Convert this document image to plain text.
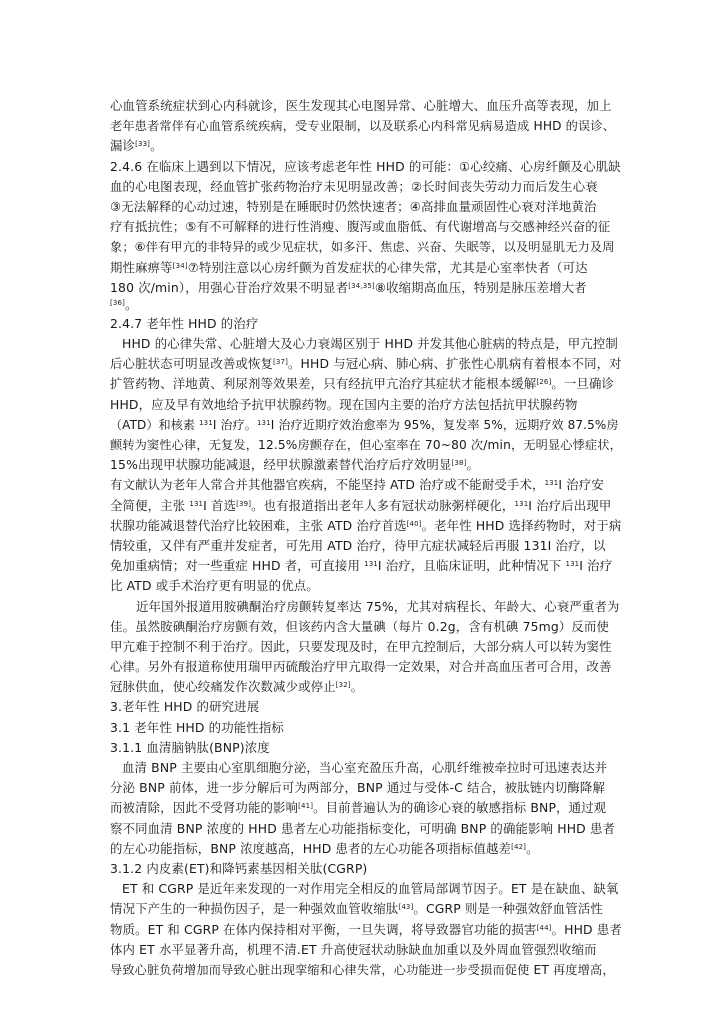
心血管系统症状到心内科就诊，医生发现其心电图异常、心脏增大、血压升高等表现，加上
老年患者常伴有心血管系统疾病，受专业限制，以及联系心内科常见病易造成 HHD 的误诊、
漏诊[33]。
2.4.6 在临床上遇到以下情况，应该考虑老年性 HHD 的可能：①心绞痛、心房纤颤及心肌缺
血的心电图表现，经血管扩张药物治疗未见明显改善；②长时间丧失劳动力而后发生心衰
③无法解释的心动过速，特别是在睡眠时仍然快速者；④高排血量顽固性心衰对洋地黄治
疗有抵抗性；⑤有不可解释的进行性消瘦、腹泻或血脂低、有代谢增高与交感神经兴奋的征
象；⑥伴有甲亢的非特异的或少见症状，如多汗、焦虑、兴奋、失眠等，以及明显肌无力及周
期性麻痹等[34]⑦特别注意以心房纤颤为首发症状的心律失常，尤其是心室率快者（可达
180 次/min），用强心苷治疗效果不明显者[34,35]⑧收缩期高血压，特别是脉压差增大者
[36]。
2.4.7 老年性 HHD 的治疗
HHD 的心律失常、心脏增大及心力衰竭区别于 HHD 并发其他心脏病的特点是，甲亢控制
后心脏状态可明显改善或恢复[37]。HHD 与冠心病、肺心病、扩张性心肌病有着根本不同，对
扩管药物、洋地黄、利尿剂等效果差，只有经抗甲亢治疗其症状才能根本缓解[26]。一旦确诊
HHD，应及早有效地给予抗甲状腺药物。现在国内主要的治疗方法包括抗甲状腺药物
（ATD）和核素 $^{131}$I 治疗。$^{131}$I 治疗近期疗效治愈率为 95%，复发率 5%，远期疗效 87.5%房
颤转为窦性心律，无复发，12.5%房颤存在，但心室率在 70~80 次/min，无明显心悸症状，
15%出现甲状腺功能减退，经甲状腺激素替代治疗后疗效明显[38]。
有文献认为老年人常合并其他器官疾病，不能坚持 ATD 治疗或不能耐受手术，$^{131}$I 治疗安
全简便，主张 $^{131}$I 首选[39]。也有报道指出老年人多有冠状动脉粥样硬化，$^{131}$I 治疗后出现甲
状腺功能减退替代治疗比较困难，主张 ATD 治疗首选[40]。老年性 HHD 选择药物时，对于病
情较重，又伴有严重并发症者，可先用 ATD 治疗，待甲亢症状减轻后再服 131I 治疗，以
免加重病情；对一些重症 HHD 者，可直接用 $^{131}$I 治疗，且临床证明，此种情况下 $^{131}$I 治疗
比 ATD 或手术治疗更有明显的优点。
近年国外报道用胺碘酮治疗房颤转复率达 75%，尤其对病程长、年龄大、心衰严重者为
佳。虽然胺碘酮治疗房颤有效，但该药内含大量碘（每片 0.2g，含有机碘 75mg）反而使
甲亢难于控制不利于治疗。因此，只要发现及时，在甲亢控制后，大部分病人可以转为窦性
心律。另外有报道称使用瑞甲丙硫酸治疗甲亢取得一定效果，对合并高血压者可合用，改善
冠脉供血，使心绞痛发作次数减少或停止[32]。
3.老年性 HHD 的研究进展
3.1 老年性 HHD 的功能性指标
3.1.1 血清脑钠肽(BNP)浓度
血清 BNP 主要由心室肌细胞分泌，当心室充盈压升高，心肌纤维被牵拉时可迅速表达并
分泌 BNP 前体，进一步分解后可为两部分，BNP 通过与受体-C 结合，被肽链内切酶降解
而被清除，因此不受肾功能的影响[41]。目前普遍认为的确诊心衰的敏感指标 BNP，通过观
察不同血清 BNP 浓度的 HHD 患者左心功能指标变化，可明确 BNP 的确能影响 HHD 患者
的左心功能指标，BNP 浓度越高，HHD 患者的左心功能各项指标值越差[42]。
3.1.2 内皮素(ET)和降钙素基因相关肽(CGRP)
ET 和 CGRP 是近年来发现的一对作用完全相反的血管局部调节因子。ET 是在缺血、缺氧
情况下产生的一种损伤因子，是一种强效血管收缩肽[43]。CGRP 则是一种强效舒血管活性
物质。ET 和 CGRP 在体内保持相对平衡，一旦失调，将导致器官功能的损害[44]。HHD 患者
体内 ET 水平显著升高，机理不清.ET 升高使冠状动脉缺血加重以及外周血管强烈收缩而
导致心脏负荷增加而导致心脏出现挛缩和心律失常，心功能进一步受损而促使 ET 再度增高，
